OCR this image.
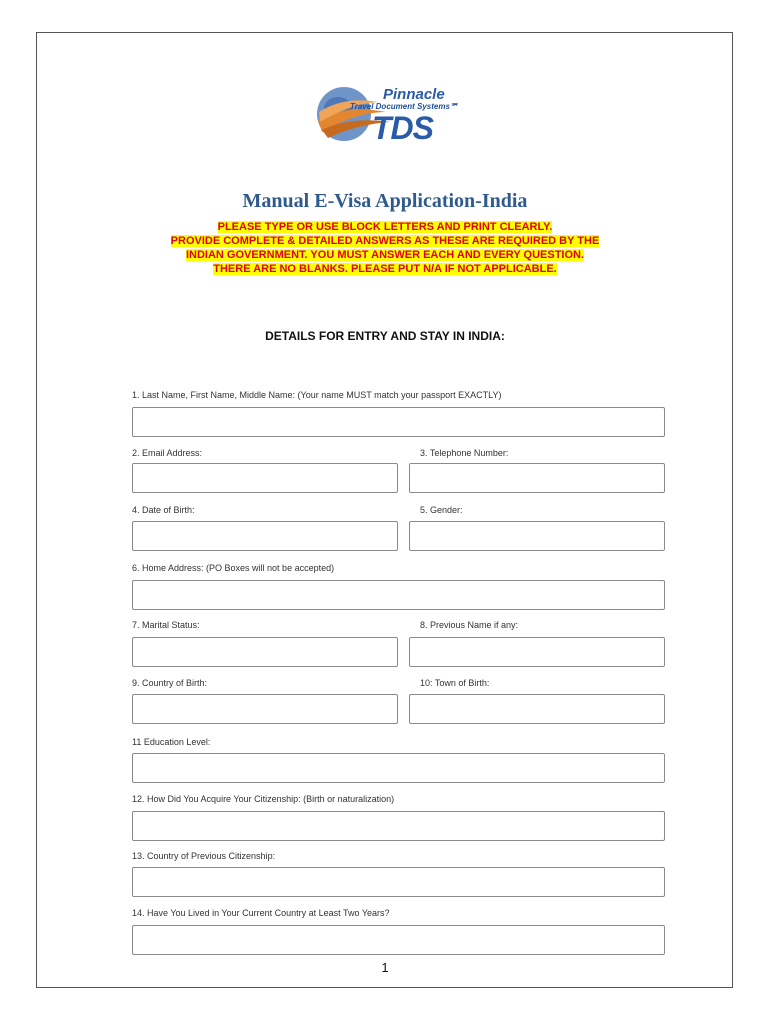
Pinnacle
Travel Document Systems℠
TDS
Manual E-Visa Application-India
PLEASE TYPE OR USE BLOCK LETTERS AND PRINT CLEARLY.
PROVIDE COMPLETE & DETAILED ANSWERS AS THESE ARE REQUIRED BY THE
INDIAN GOVERNMENT. YOU MUST ANSWER EACH AND EVERY QUESTION.
THERE ARE NO BLANKS. PLEASE PUT N/A IF NOT APPLICABLE.
DETAILS FOR ENTRY AND STAY IN INDIA:
1. Last Name, First Name, Middle Name: (Your name MUST match your passport EXACTLY)
2. Email Address:	3. Telephone Number:
4. Date of Birth:	5. Gender:
6. Home Address: (PO Boxes will not be accepted)
7. Marital Status:	8. Previous Name if any:
9. Country of Birth:	10: Town of Birth:
11 Education Level:
12. How Did You Acquire Your Citizenship: (Birth or naturalization)
13. Country of Previous Citizenship:
14. Have You Lived in Your Current Country at Least Two Years?
1
